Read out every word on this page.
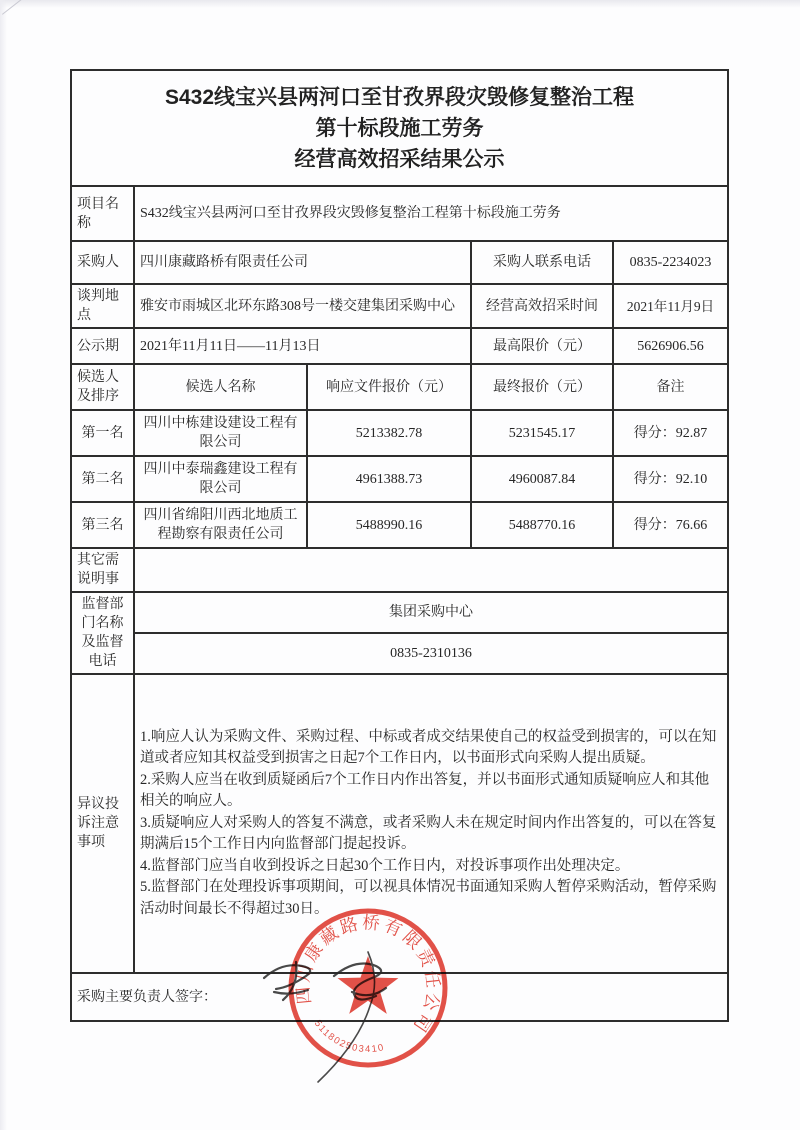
S432线宝兴县两河口至甘孜界段灾毁修复整治工程
第十标段施工劳务
经营高效招采结果公示				

项目名称	S432线宝兴县两河口至甘孜界段灾毁修复整治工程第十标段施工劳务			
采购人	四川康藏路桥有限责任公司		采购人联系电话	0835-2234023
谈判地点	雅安市雨城区北环东路308号一楼交建集团采购中心		经营高效招采时间	2021年11月9日
公示期	2021年11月11日——11月13日		最高限价（元）	5626906.56
候选人及排序	候选人名称	响应文件报价（元）	最终报价（元）	备注
第一名	四川中栋建设建设工程有限公司	5213382.78	5231545.17	得分：92.87
第二名	四川中泰瑞鑫建设工程有限公司	4961388.73	4960087.84	得分：92.10
第三名	四川省绵阳川西北地质工程勘察有限责任公司	5488990.16	5488770.16	得分：76.66
其它需说明事				
监督部门名称及监督电话	集团采购中心			
	0835-2310136			
异议投诉注意事项	1.响应人认为采购文件、采购过程、中标或者成交结果使自己的权益受到损害的，可以在知道或者应知其权益受到损害之日起7个工作日内，以书面形式向采购人提出质疑。
2.采购人应当在收到质疑函后7个工作日内作出答复，并以书面形式通知质疑响应人和其他相关的响应人。
3.质疑响应人对采购人的答复不满意，或者采购人未在规定时间内作出答复的，可以在答复期满后15个工作日内向监督部门提起投诉。
4.监督部门应当自收到投诉之日起30个工作日内，对投诉事项作出处理决定。
5.监督部门在处理投诉事项期间，可以视具体情况书面通知采购人暂停采购活动，暂停采购活动时间最长不得超过30日。			

采购主要负责人签字：					四川康藏路桥有限责任公司
511802503410
